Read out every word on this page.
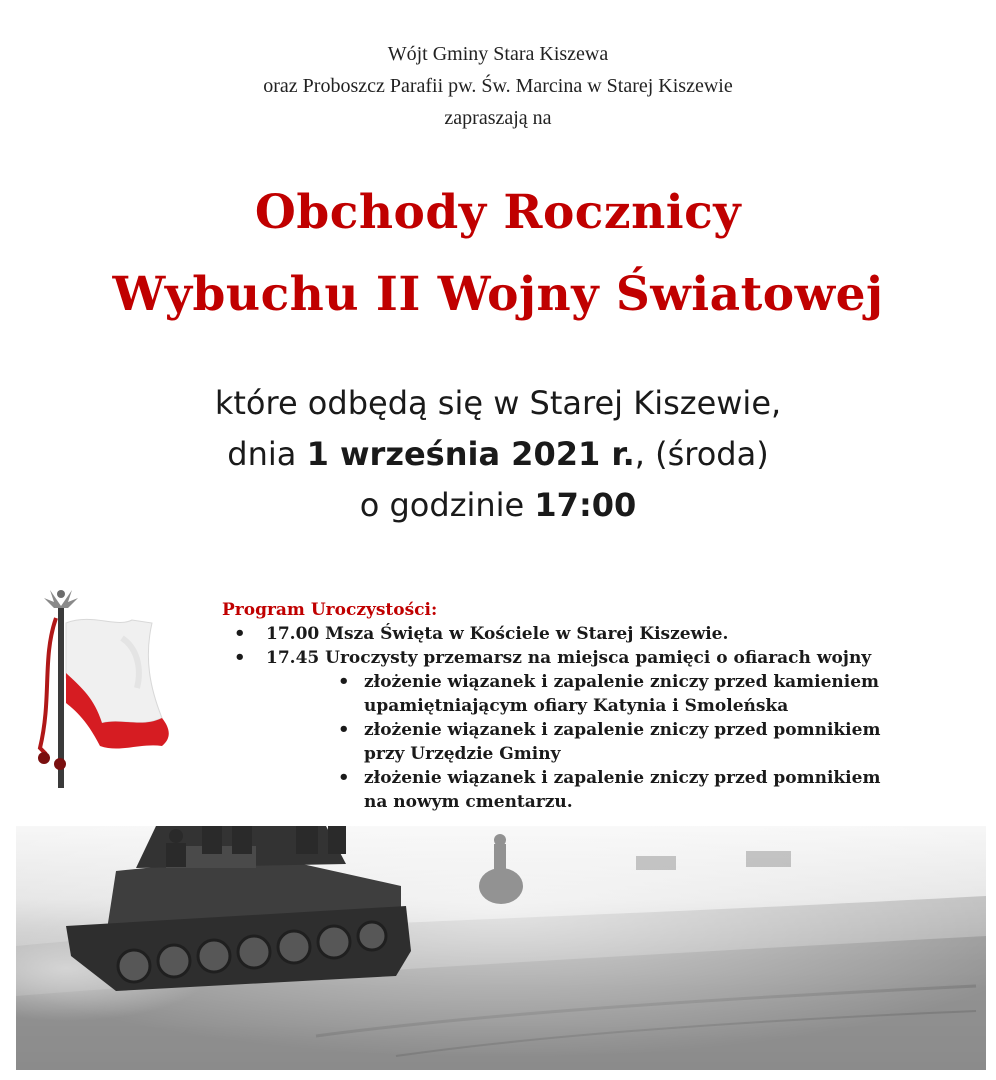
Wójt Gminy Stara Kiszewa
oraz Proboszcz Parafii pw. Św. Marcina w Starej Kiszewie
zapraszają na
Obchody Rocznicy
Wybuchu II Wojny Światowej
które odbędą się w Starej Kiszewie,
dnia 1 września 2021 r., (środa)
o godzinie 17:00
Program Uroczystości:
• 17.00 Msza Święta w Kościele w Starej Kiszewie.
• 17.45 Uroczysty przemarsz na miejsca pamięci o ofiarach wojny
• złożenie wiązanek i zapalenie zniczy przed kamieniem upamiętniającym ofiary Katynia i Smoleńska
• złożenie wiązanek i zapalenie zniczy przed pomnikiem przy Urzędzie Gminy
• złożenie wiązanek i zapalenie zniczy przed pomnikiem na nowym cmentarzu.
